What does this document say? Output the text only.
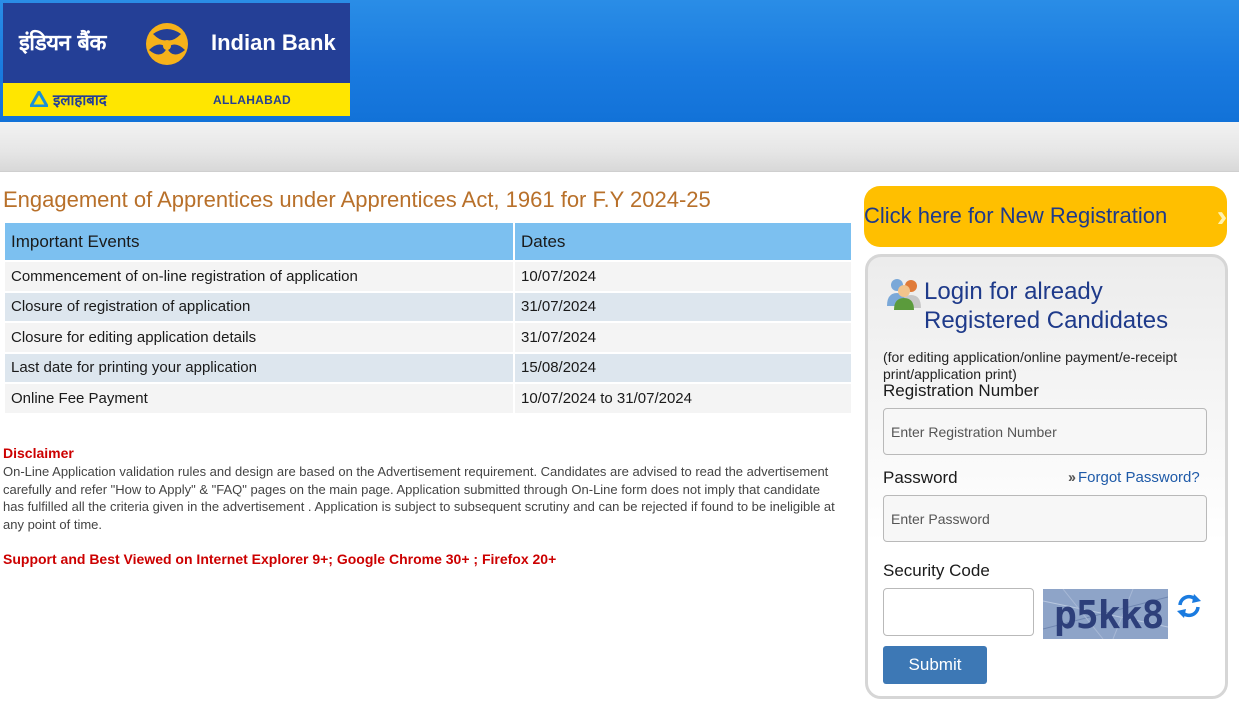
इंडियन बैंक	Indian Bank
इलाहाबाद	ALLAHABAD
Engagement of Apprentices under Apprentices Act, 1961 for F.Y 2024-25
Important Events	Dates
Commencement of on-line registration of application	10/07/2024
Closure of registration of application	31/07/2024
Closure for editing application details	31/07/2024
Last date for printing your application	15/08/2024
Online Fee Payment	10/07/2024 to 31/07/2024
Disclaimer
On-Line Application validation rules and design are based on the Advertisement requirement. Candidates are advised to read the advertisement carefully and refer "How to Apply" & "FAQ" pages on the main page. Application submitted through On-Line form does not imply that candidate has fulfilled all the criteria given in the advertisement . Application is subject to subsequent scrutiny and can be rejected if found to be ineligible at any point of time.
Support and Best Viewed on Internet Explorer 9+; Google Chrome 30+ ; Firefox 20+
Click here for New Registration
Login for already
Registered Candidates
(for editing application/online payment/e-receipt print/application print)
Registration Number
Enter Registration Number
Password	›› Forgot Password?
Security Code
p5kk8
Submit
